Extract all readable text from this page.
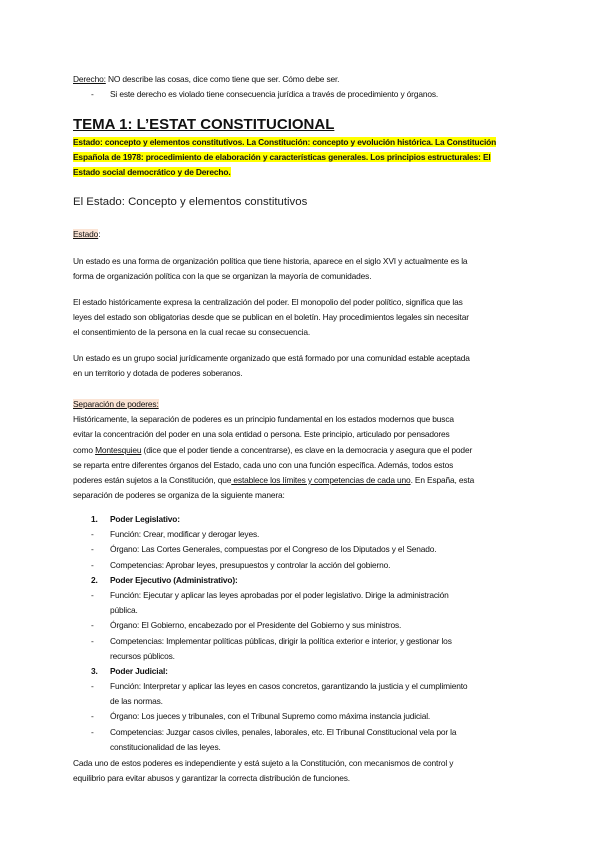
Derecho: NO describe las cosas, dice como tiene que ser. Cómo debe ser.
- Si este derecho es violado tiene consecuencia jurídica a través de procedimiento y órganos.
TEMA 1: L’ESTAT CONSTITUCIONAL
Estado: concepto y elementos constitutivos. La Constitución: concepto y evolución histórica. La Constitución
Española de 1978: procedimiento de elaboración y características generales. Los principios estructurales: El
Estado social democrático y de Derecho.
El Estado: Concepto y elementos constitutivos
Estado:
Un estado es una forma de organización política que tiene historia, aparece en el siglo XVI y actualmente es la
forma de organización política con la que se organizan la mayoría de comunidades.
El estado históricamente expresa la centralización del poder. El monopolio del poder político, significa que las
leyes del estado son obligatorias desde que se publican en el boletín. Hay procedimientos legales sin necesitar
el consentimiento de la persona en la cual recae su consecuencia.
Un estado es un grupo social jurídicamente organizado que está formado por una comunidad estable aceptada
en un territorio y dotada de poderes soberanos.
Separación de poderes:
Históricamente, la separación de poderes es un principio fundamental en los estados modernos que busca
evitar la concentración del poder en una sola entidad o persona. Este principio, articulado por pensadores
como Montesquieu (dice que el poder tiende a concentrarse), es clave en la democracia y asegura que el poder
se reparta entre diferentes órganos del Estado, cada uno con una función específica. Además, todos estos
poderes están sujetos a la Constitución, que establece los límites y competencias de cada uno. En España, esta
separación de poderes se organiza de la siguiente manera:
1. Poder Legislativo:
- Función: Crear, modificar y derogar leyes.
- Órgano: Las Cortes Generales, compuestas por el Congreso de los Diputados y el Senado.
- Competencias: Aprobar leyes, presupuestos y controlar la acción del gobierno.
2. Poder Ejecutivo (Administrativo):
- Función: Ejecutar y aplicar las leyes aprobadas por el poder legislativo. Dirige la administración
pública.
- Órgano: El Gobierno, encabezado por el Presidente del Gobierno y sus ministros.
- Competencias: Implementar políticas públicas, dirigir la política exterior e interior, y gestionar los
recursos públicos.
3. Poder Judicial:
- Función: Interpretar y aplicar las leyes en casos concretos, garantizando la justicia y el cumplimiento
de las normas.
- Órgano: Los jueces y tribunales, con el Tribunal Supremo como máxima instancia judicial.
- Competencias: Juzgar casos civiles, penales, laborales, etc. El Tribunal Constitucional vela por la
constitucionalidad de las leyes.
Cada uno de estos poderes es independiente y está sujeto a la Constitución, con mecanismos de control y
equilibrio para evitar abusos y garantizar la correcta distribución de funciones.
